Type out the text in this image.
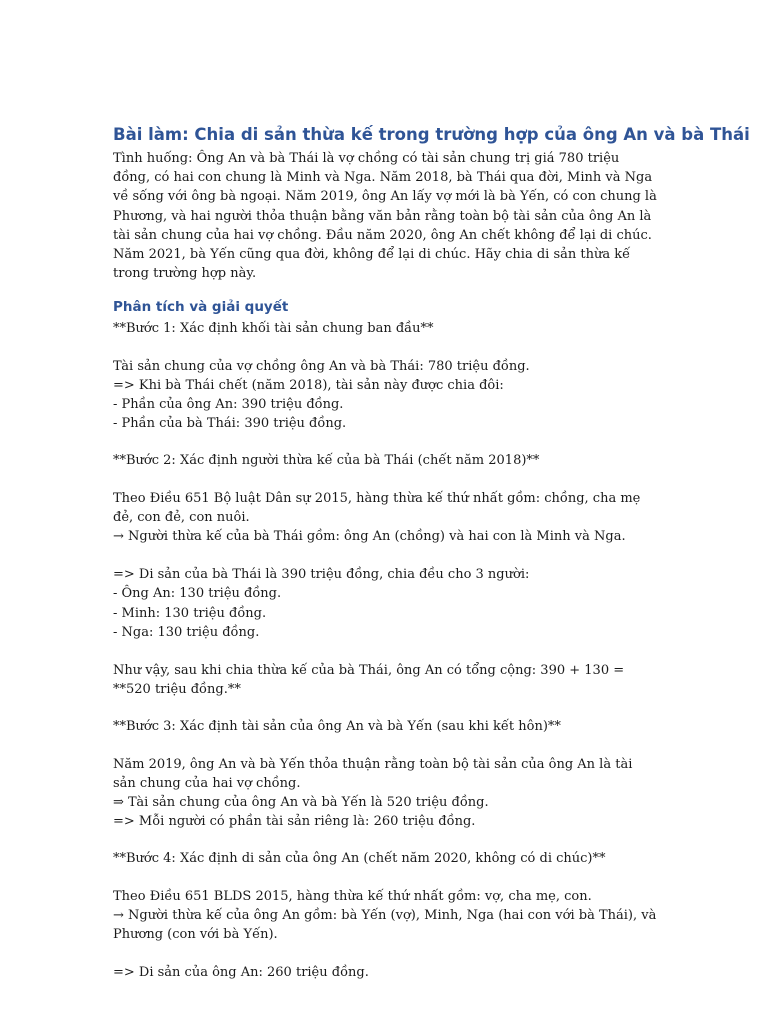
Bài làm: Chia di sản thừa kế trong trường hợp của ông An và bà Thái

Tình huống: Ông An và bà Thái là vợ chồng có tài sản chung trị giá 780 triệu đồng, có hai con chung là Minh và Nga. Năm 2018, bà Thái qua đời, Minh và Nga về sống với ông bà ngoại. Năm 2019, ông An lấy vợ mới là bà Yến, có con chung là Phương, và hai người thỏa thuận bằng văn bản rằng toàn bộ tài sản của ông An là tài sản chung của hai vợ chồng. Đầu năm 2020, ông An chết không để lại di chúc. Năm 2021, bà Yến cũng qua đời, không để lại di chúc. Hãy chia di sản thừa kế trong trường hợp này.

Phân tích và giải quyết

**Bước 1: Xác định khối tài sản chung ban đầu**

Tài sản chung của vợ chồng ông An và bà Thái: 780 triệu đồng.
=> Khi bà Thái chết (năm 2018), tài sản này được chia đôi:
- Phần của ông An: 390 triệu đồng.
- Phần của bà Thái: 390 triệu đồng.

**Bước 2: Xác định người thừa kế của bà Thái (chết năm 2018)**

Theo Điều 651 Bộ luật Dân sự 2015, hàng thừa kế thứ nhất gồm: chồng, cha mẹ đẻ, con đẻ, con nuôi.

→ Người thừa kế của bà Thái gồm: ông An (chồng) và hai con là Minh và Nga.

=> Di sản của bà Thái là 390 triệu đồng, chia đều cho 3 người:
- Ông An: 130 triệu đồng.
- Minh: 130 triệu đồng.
- Nga: 130 triệu đồng.

Như vậy, sau khi chia thừa kế của bà Thái, ông An có tổng cộng: 390 + 130 = **520 triệu đồng.**

**Bước 3: Xác định tài sản của ông An và bà Yến (sau khi kết hôn)**

Năm 2019, ông An và bà Yến thỏa thuận rằng toàn bộ tài sản của ông An là tài sản chung của hai vợ chồng.

⇒ Tài sản chung của ông An và bà Yến là 520 triệu đồng.
=> Mỗi người có phần tài sản riêng là: 260 triệu đồng.

**Bước 4: Xác định di sản của ông An (chết năm 2020, không có di chúc)**

Theo Điều 651 BLDS 2015, hàng thừa kế thứ nhất gồm: vợ, cha mẹ, con.

→ Người thừa kế của ông An gồm: bà Yến (vợ), Minh, Nga (hai con với bà Thái), và Phương (con với bà Yến).

=> Di sản của ông An: 260 triệu đồng.
